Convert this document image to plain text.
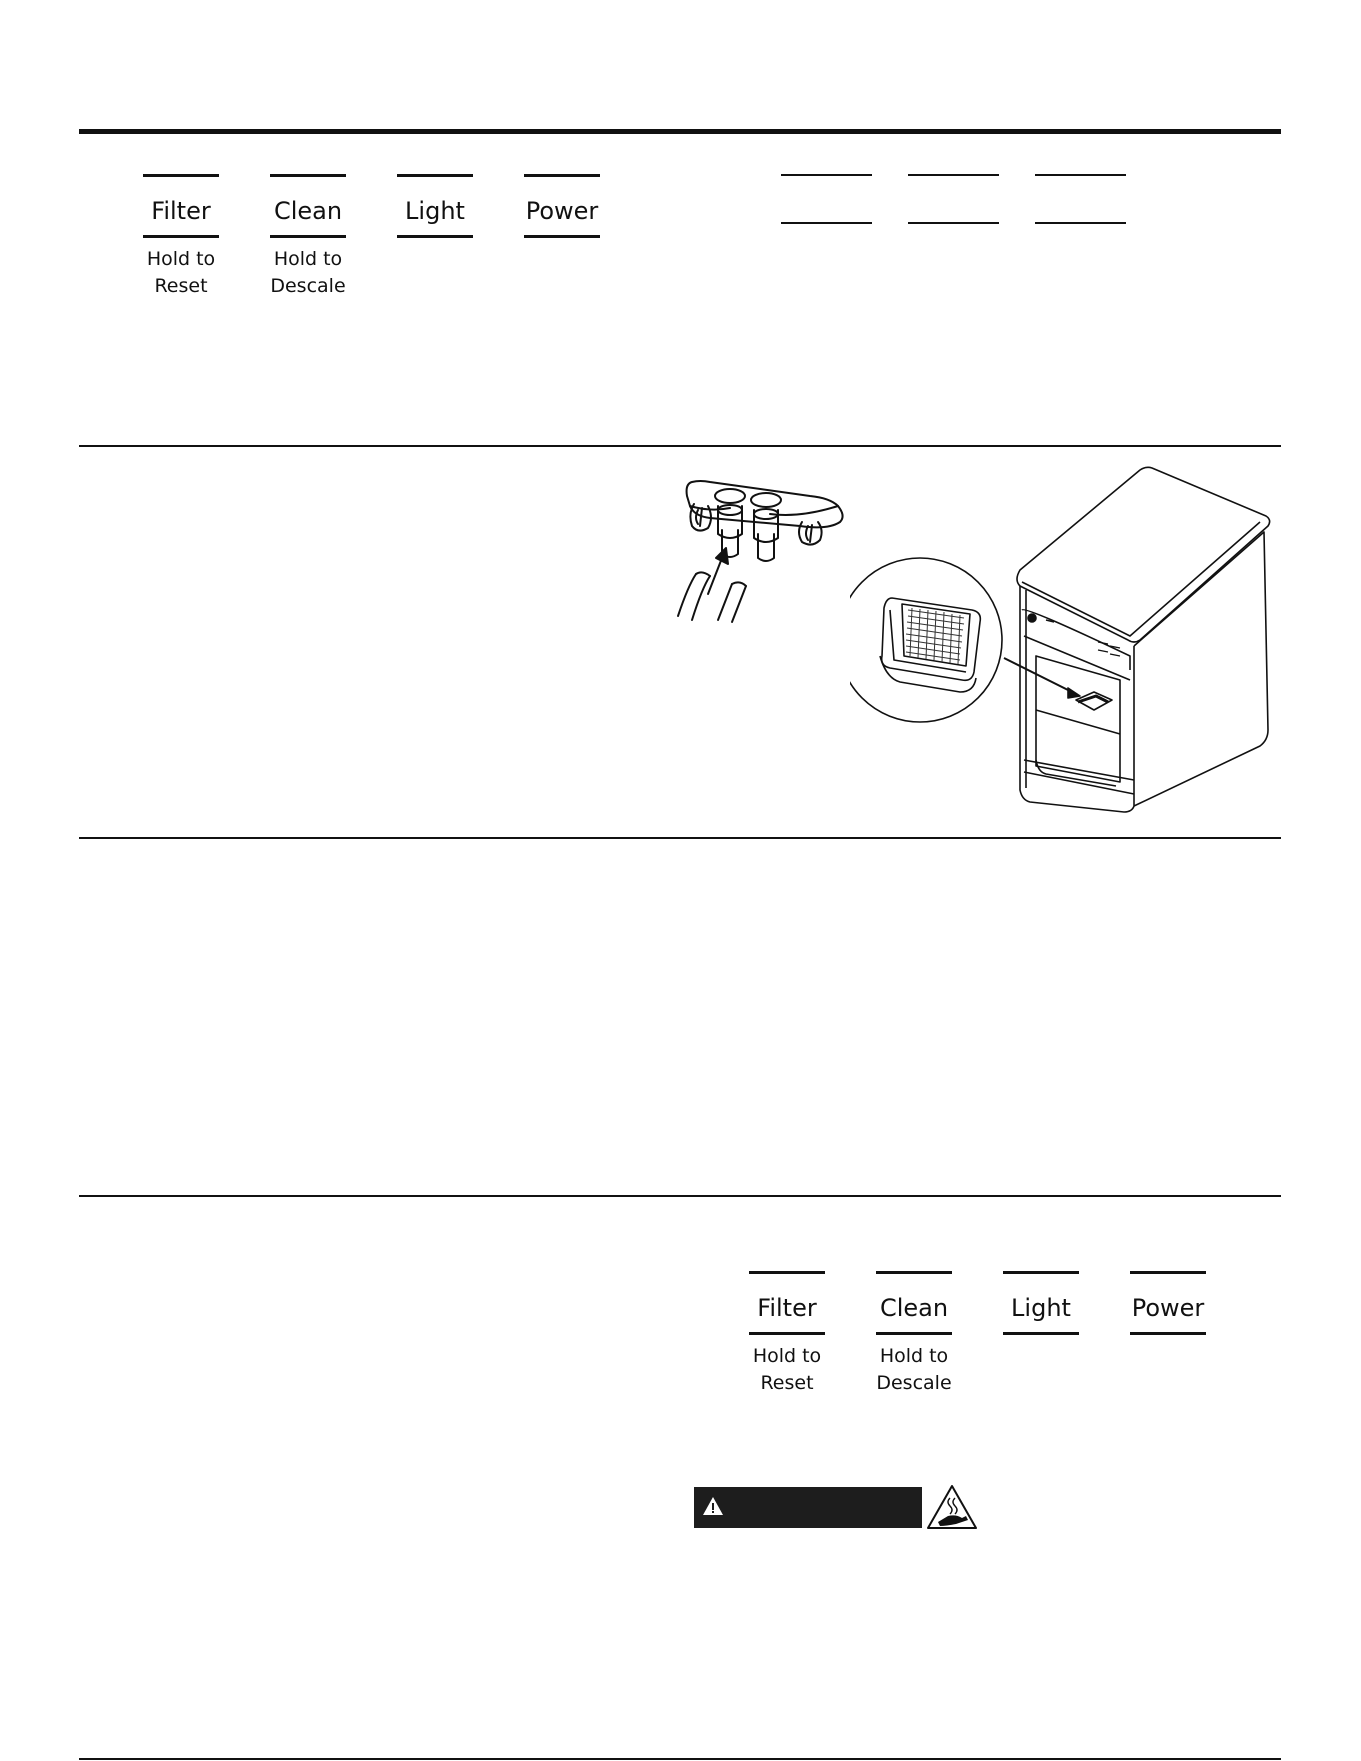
Filter
Hold to
Reset
Clean
Hold to
Descale
Light	Power
Filter
Hold to
Reset
Clean
Hold to
Descale
Light	Power
